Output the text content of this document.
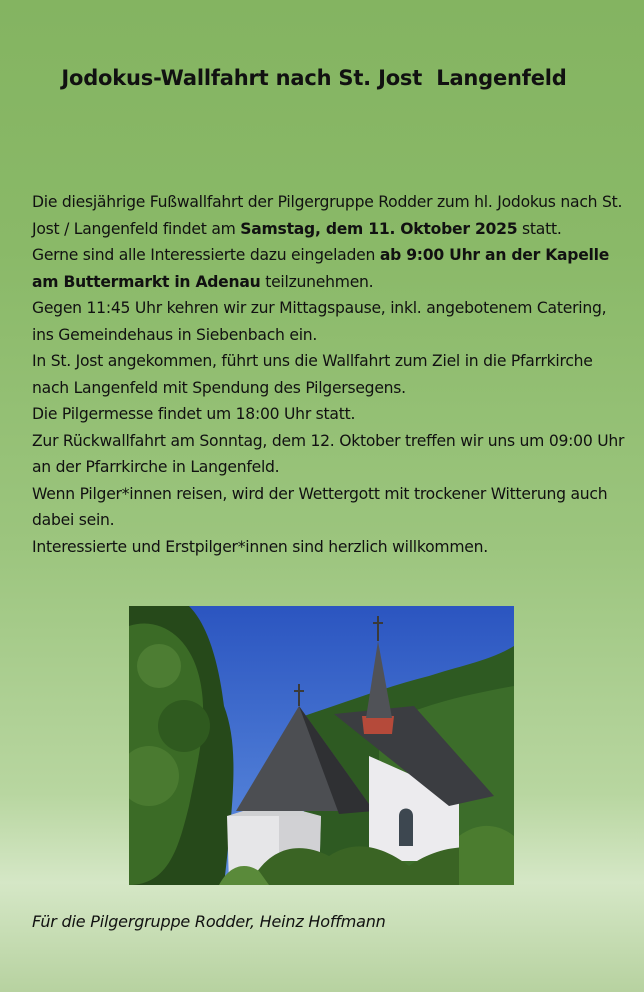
Jodokus-Wallfahrt nach St. Jost  Langenfeld

Die diesjährige Fußwallfahrt der Pilgergruppe Rodder zum hl. Jodokus nach St. Jost / Langenfeld findet am Samstag, dem 11. Oktober 2025 statt.

Gerne sind alle Interessierte dazu eingeladen ab 9:00 Uhr an der Kapelle am Buttermarkt in Adenau teilzunehmen.

Gegen 11:45 Uhr kehren wir zur Mittagspause, inkl. angebotenem Catering, ins Gemeindehaus in Siebenbach ein.

In St. Jost angekommen, führt uns die Wallfahrt zum Ziel in die Pfarrkirche nach Langenfeld mit Spendung des Pilgersegens.

Die Pilgermesse findet um 18:00 Uhr statt.

Zur Rückwallfahrt am Sonntag, dem 12. Oktober treffen wir uns um 09:00 Uhr an der Pfarrkirche in Langenfeld.

Wenn Pilger*innen reisen, wird der Wettergott mit trockener Witterung auch dabei sein.

Interessierte und Erstpilger*innen sind herzlich willkommen.

Für die Pilgergruppe Rodder, Heinz Hoffmann
